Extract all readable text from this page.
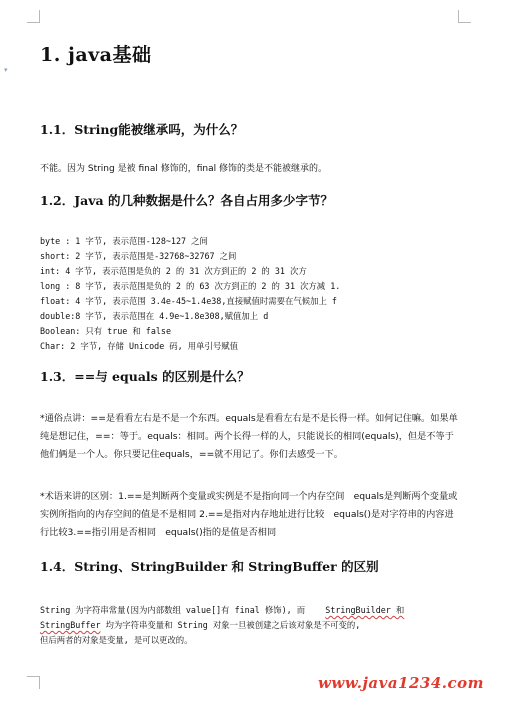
▾
1. java基础
1.1．String能被继承吗，为什么？

不能。因为 String 是被 final 修饰的，final 修饰的类是不能被继承的。

1.2．Java 的几种数据是什么？各自占用多少字节？

byte : 1 字节, 表示范围-128~127 之间

short: 2 字节, 表示范围是-32768~32767 之间

int: 4 字节, 表示范围是负的 2 的 31 次方到正的 2 的 31 次方

long : 8 字节, 表示范围是负的 2 的 63 次方到正的 2 的 31 次方减 1.

float: 4 字节, 表示范围 3.4e-45~1.4e38,直接赋值时需要在气候加上 f

double:8 字节, 表示范围在 4.9e~1.8e308,赋值加上 d

Boolean: 只有 true 和 false

Char: 2 字节, 存储 Unicode 码, 用单引号赋值

1.3．==与 equals 的区别是什么？

*通俗点讲：==是看看左右是不是一个东西。equals是看看左右是不是长得一样。如何记住嘛。如果单纯是想记住，==：等于。equals：相同。两个长得一样的人，只能说长的相同(equals)，但是不等于他们俩是一个人。你只要记住equals，==就不用记了。你们去感受一下。

*术语来讲的区别：1.==是判断两个变量或实例是不是指向同一个内存空间　equals是判断两个变量或实例所指向的内存空间的值是不是相同 2.==是指对内存地址进行比较　equals()是对字符串的内容进行比较3.==指引用是否相同　equals()指的是值是否相同

1.4．String、StringBuilder 和 StringBuffer 的区别

String 为字符串常量(因为内部数组 value[]有 final 修饰), 而 StringBuilder 和

StringBuffer 均为字符串变量和 String 对象一旦被创建之后该对象是不可变的,

但后两者的对象是变量, 是可以更改的。

www.java1234.com
